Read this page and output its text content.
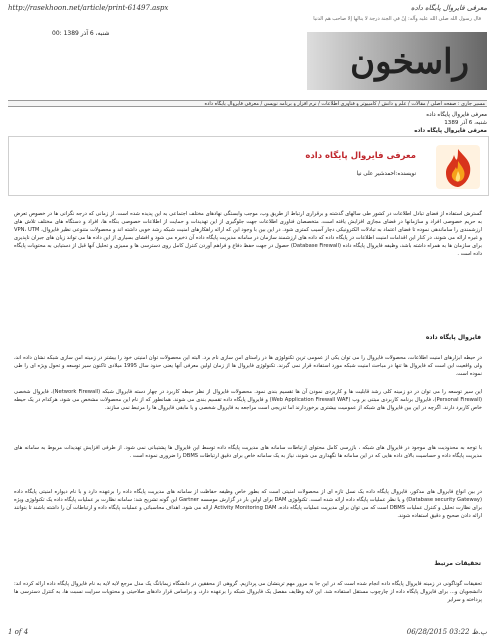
http://rasekhoon.net/article/print-61497.aspx	معرفی فایروال پایگاه داده
شنبه، 6 آذر 1389 :00
قال رسول الله صلى الله عليه وآله: إنّ في الجنة درجة لا ينالها إلا صاحب هم الدنيا
راسخون
مسیر جاری : صفحه اصلی / مقالات / علم و دانش / کامپیوتر و فناوری اطلاعات / نرم افزار و برنامه نویسی / معرفی فایروال پایگاه داده
معرفی فایروال پایگاه داده
شنبه، 6 آذر 1389
معرفی فایروال پایگاه داده
معرفی فایروال پایگاه داده
نویسنده:احمدشیر علی نیا
گسترش استفاده از فضای تبادل اطلاعات در کشور طی سالهای گذشته و برقراری ارتباط از طریق وب، موجب وابستگی نهادهای مختلف اجتماعی به این پدیده شده است. از زمانی که درجه نگرانی ها در خصوص تعرض به حریم خصوصی افراد و سازمانها در فضای مجازی افزایش یافته است، متخصصان فناوری اطلاعات جهت جلوگیری از این تهدیدات و حمایت از اطلاعات خصوصی بنگاه ها، افراد و دستگاه های مختلف تلاش های ارزشمندی را ساماندهی نموده تا فضای اعتماد به تبادلات الکترونیکی دچار آسیب کمتری شود. در این بین با وجود این که ارائه راهکارهای امنیت شبکه رشد خوبی داشته اند و محصولات متنوعی نظیر فایروال، VPN، UTM و غیره ارائه می شوند، در کنار این اقدامات امنیت اطلاعات در پایگاه داده که داده های ارزشمند سازمان در سامانه مدیریت پایگاه داده آن ذخیره می شود و افشای بسیاری از این داده ها می تواند زیان های جبران ناپذیری برای سازمان ها به همراه داشته باشد، وظیفه فایروال پایگاه داده (Database Firewall) حصول در جهت حفظ دفاع و فراهم آوردن کنترل کامل روی دسترسی ها و ممیزی و تحلیل آنها قبل از دستیابی به محتویات پایگاه داده است .
فایروال پایگاه داده
در حیطه ابزارهای امنیت اطلاعات، محصولات فایروال را می توان یکی از عمومی ترین تکنولوژی ها در راستای امن سازی نام برد. البته این محصولات توان امنیتی خود را بیشتر در زمینه امن سازی شبکه نشان داده اند، ولی واقعیت این است که فایروال ها تنها در مباحث امنیت شبکه مورد استفاده قرار نمی گیرند. تکنولوژی فایروال ها از زمان اولین معرفی آنها یعنی حدود سال 1995 میلادی تاکنون سیر توسعه و تحول ویژه ای را طی نموده است.
این سیر توسعه را می توان در دو زمینه کلی رشد قابلیت ها و کاربردی نمودن آن ها تقسیم بندی نمود. محصولات فایروال از نظر حیطه کاربرد در چهار دسته فایروال شبکه (Network Firewall)، فایروال شخصی (Personal Firewall)، فایروال برنامه کاربردی مبتنی بر وب (Web Application Firewall WAF) و فایروال پایگاه داده تقسیم بندی می شوند. همانطور که از نام این محصولات مشخص می شود، هرکدام در یک حیطه خاص کاربرد دارند. اگرچه در این بین فایروال های شبکه از عمومیت بیشتری برخوردارند اما تدریجی است مراجعه به فایروال شخصی و یا مابقی فایروال ها را مرتبط نمی سازند.
با توجه به محدودیت های موجود در فایروال های شبکه ، بازرسی کامل محتوای ارتباطات سامانه های مدیریت پایگاه داده توسط این فایروال ها پشتیبانی نمی شود. از طرفی افزایش تهدیدات مربوط به سامانه های مدیریت پایگاه داده و حساسیت بالای داده هایی که در این سامانه ها نگهداری می شوند، نیاز به یک سامانه خاص برای دقیق ارتباطات DBMS را ضروری نموده است .
در بین انواع فایروال های مذکور، فایروال پایگاه داده یک نسل تازه ای از محصولات امنیتی است که بطور خاص وظیفه حفاظت از سامانه های مدیریت پایگاه داده را برعهده دارد و با نام دیواره امنیتی پایگاه داده (Database security Gateway) و یا نظر عملیات پایگاه داده ارائه شده است. تکنولوژی DAM برای اولین بار در گزارش موسسه Gartner این گونه تشریح شد: سامانه نظارت بر عملیات پایگاه داده یک تکنولوژی ویژه برای نظارت تحلیل و کنترل عملیات DBMS است که می توان برای مدیریت عملیات پایگاه داده، Activity Monitoring DAM ارائه می شود. اهداف محاسباتی و عملیات پایگاه داده و ارتباطات آن را داشته باشند تا بتوانند ارائه دادن صحیح و دقیق استفاده شوند.
تحقیقات مرتبط
تحقیقات گوناگونی در زمینه فایروال پایگاه داده انجام شده است که در این جا به مرور مهم ترینشان می پردازیم. گروهی از محققین در دانشگاه زیمابانگ یک مدل مرجع لایه لایه به نام فایروال پایگاه داده ارائه کرده اند: دانشجویان و... برای فایروال پایگاه داده از چارچوب مستقل استفاده شد. این لایه وظایف مفصل یک فایروال شبکه را برعهده دارد، و براساس قرار دادهای صلاحیتی و محتویات سرایت نسبت ها، به کنترل دسترسی ها پرداخته و سرایر
1 of 4	06/28/2015 03:22 ب.ظ
